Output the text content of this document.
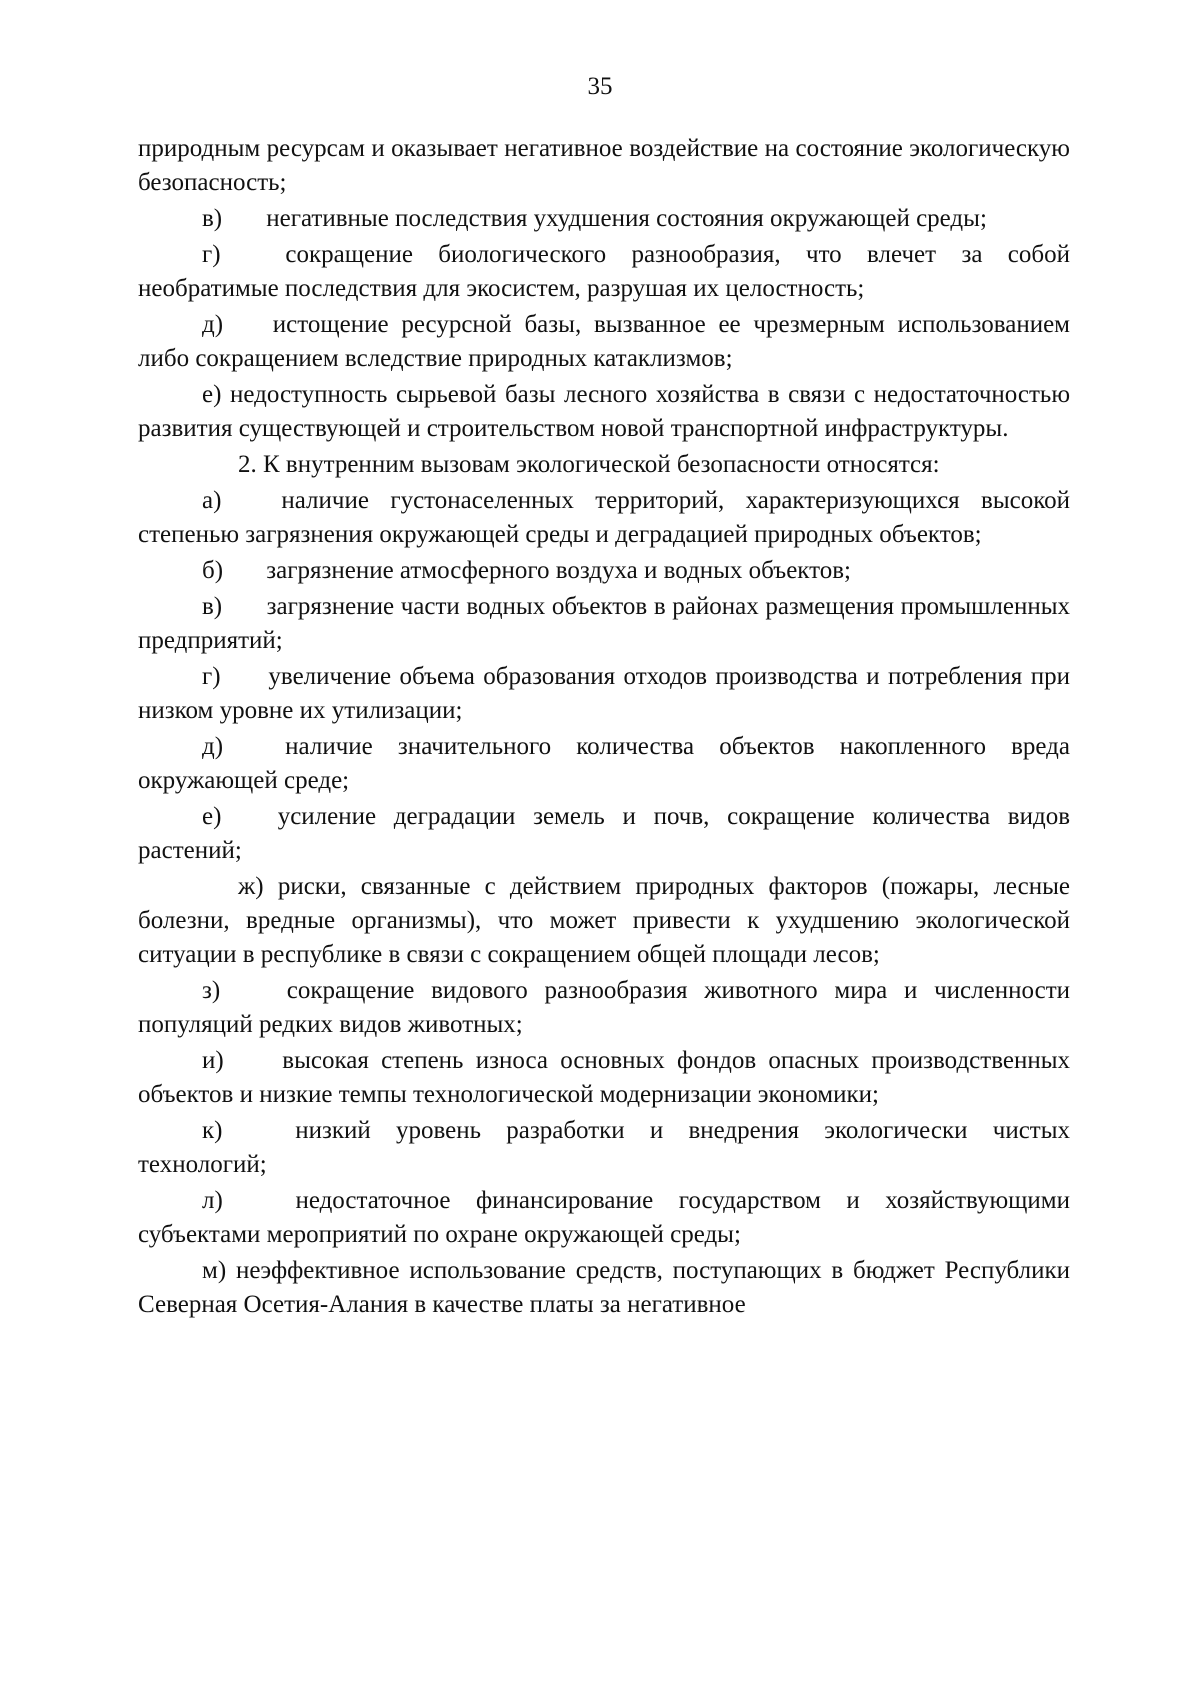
35

природным ресурсам и оказывает негативное воздействие на состояние экологическую безопасность;

в) негативные последствия ухудшения состояния окружающей среды;

г)	сокращение биологического разнообразия, что влечет за собой необратимые последствия для экосистем, разрушая их целостность;

д) истощение ресурсной базы, вызванное ее чрезмерным использованием либо сокращением вследствие природных катаклизмов;

е) недоступность сырьевой базы лесного хозяйства в связи с недостаточностью развития существующей и строительством новой транспортной инфраструктуры.

2. К внутренним вызовам экологической безопасности относятся:

а) наличие густонаселенных территорий, характеризующихся высокой степенью загрязнения окружающей среды и деградацией природных объектов;

б) загрязнение атмосферного воздуха и водных объектов;

в) загрязнение части водных объектов в районах размещения промышленных предприятий;

г) увеличение объема образования отходов производства и потребления при низком уровне их утилизации;

д) наличие значительного количества объектов накопленного вреда окружающей среде;

е) усиление деградации земель и почв, сокращение количества видов растений;

ж) риски, связанные с действием природных факторов (пожары, лесные болезни, вредные организмы), что может привести к ухудшению экологической ситуации в республике в связи с сокращением общей площади лесов;

з)	сокращение видового разнообразия животного мира и численности популяций редких видов животных;

и) высокая степень износа основных фондов опасных производственных объектов и низкие темпы технологической модернизации экономики;

к)	низкий уровень разработки и внедрения экологически чистых технологий;

л)	недостаточное финансирование государством и хозяйствующими субъектами мероприятий по охране окружающей среды;

м) неэффективное использование средств, поступающих в бюджет Республики Северная Осетия-Алания в качестве платы за негативное
